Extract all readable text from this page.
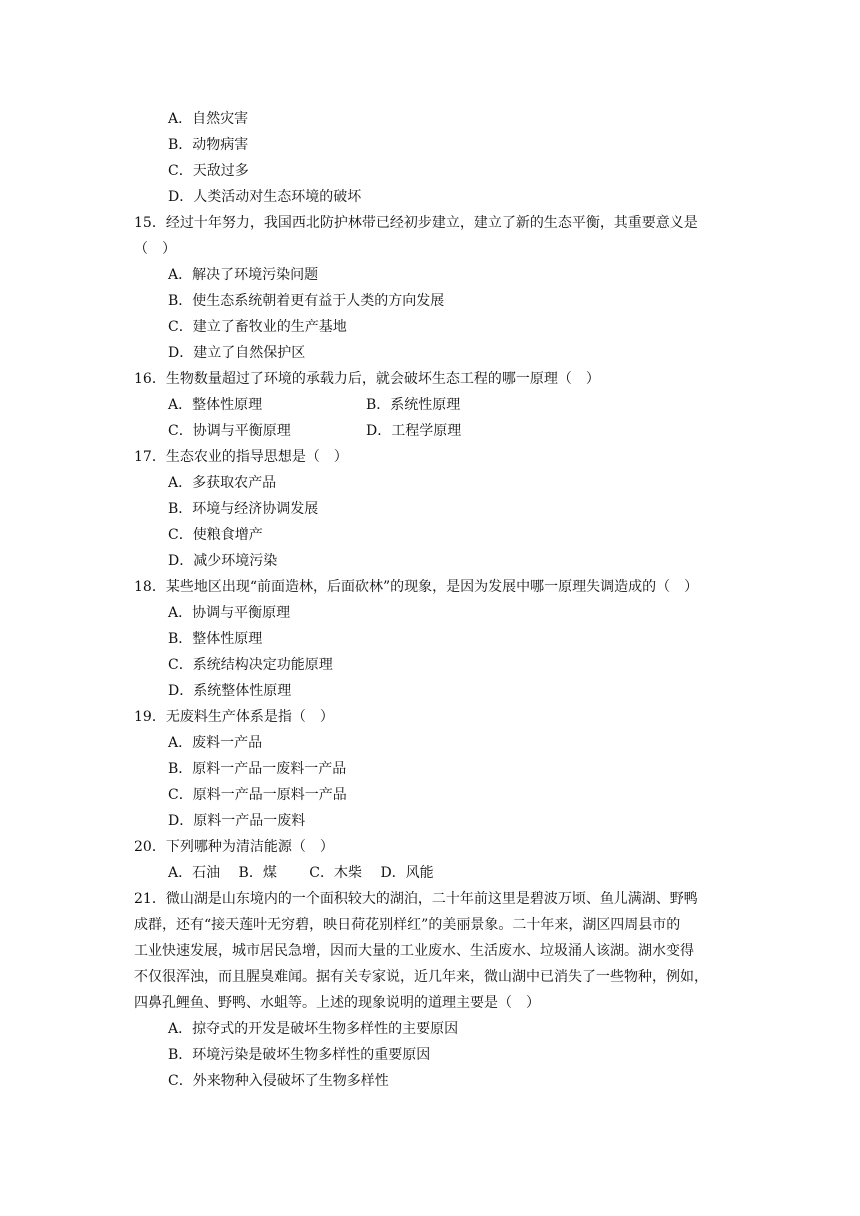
A．自然灾害
B．动物病害
C．天敌过多
D．人类活动对生态环境的破坏
15．经过十年努力，我国西北防护林带已经初步建立，建立了新的生态平衡，其重要意义是
（　）
A．解决了环境污染问题
B．使生态系统朝着更有益于人类的方向发展
C．建立了畜牧业的生产基地
D．建立了自然保护区
16．生物数量超过了环境的承载力后，就会破坏生态工程的哪一原理（　）
A．整体性原理	B．系统性原理
C．协调与平衡原理	D．工程学原理
17．生态农业的指导思想是（　）
A．多获取农产品
B．环境与经济协调发展
C．使粮食增产
D．减少环境污染
18．某些地区出现“前面造林，后面砍林”的现象，是因为发展中哪一原理失调造成的（　）
A．协调与平衡原理
B．整体性原理
C．系统结构决定功能原理
D．系统整体性原理
19．无废料生产体系是指（　）
A．废料一产品
B．原料一产品一废料一产品
C．原料一产品一原料一产品
D．原料一产品一废料
20．下列哪种为清洁能源（　）
A．石油　 B．煤　　 C．木柴　 D．风能
21．微山湖是山东境内的一个面积较大的湖泊，二十年前这里是碧波万顷、鱼儿满湖、野鸭
成群，还有“接天莲叶无穷碧，映日荷花别样红”的美丽景象。二十年来，湖区四周县市的
工业快速发展，城市居民急增，因而大量的工业废水、生活废水、垃圾涌人该湖。湖水变得
不仅很浑浊，而且腥臭难闻。据有关专家说，近几年来，微山湖中已消失了一些物种，例如，
四鼻孔鲤鱼、野鸭、水蛆等。上述的现象说明的道理主要是（　）
A．掠夺式的开发是破坏生物多样性的主要原因
B．环境污染是破坏生物多样性的重要原因
C．外来物种入侵破坏了生物多样性
